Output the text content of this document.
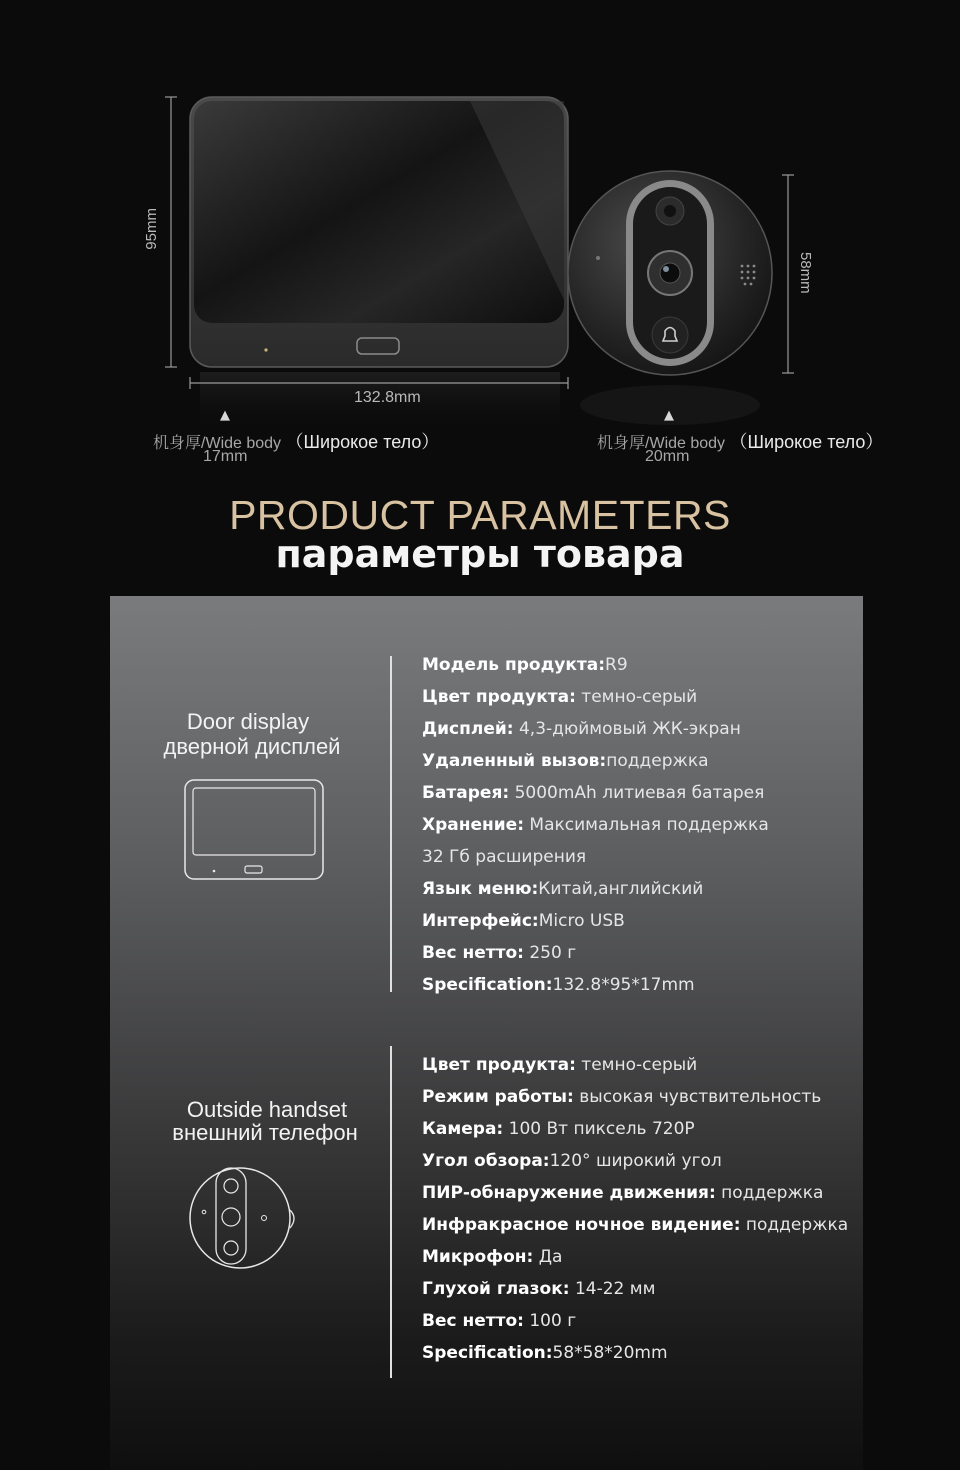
95mm
132.8mm
58mm
▲
机身厚/Wide body （Широкое тело）
17mm
▲
机身厚/Wide body （Широкое тело）
20mm
PRODUCT PARAMETERS
параметры товара
Door display
дверной дисплей
Модель продукта:R9
Цвет продукта: темно-серый
Дисплей: 4,3-дюймовый ЖК-экран
Удаленный вызов:поддержка
Батарея: 5000mAh литиевая батарея
Хранение: Максимальная поддержка
32 Гб расширения
Язык меню:Китай,английский
Интерфейс:Micro USB
Вес нетто: 250 г
Specification:132.8*95*17mm
Outside handset
внешний телефон
Цвет продукта: темно-серый
Режим работы: высокая чувствительность
Камера: 100 Вт пиксель 720P
Угол обзора:120° широкий угол
ПИР-обнаружение движения: поддержка
Инфракрасное ночное видение: поддержка
Микрофон: Да
Глухой глазок: 14-22 мм
Вес нетто: 100 г
Specification:58*58*20mm
